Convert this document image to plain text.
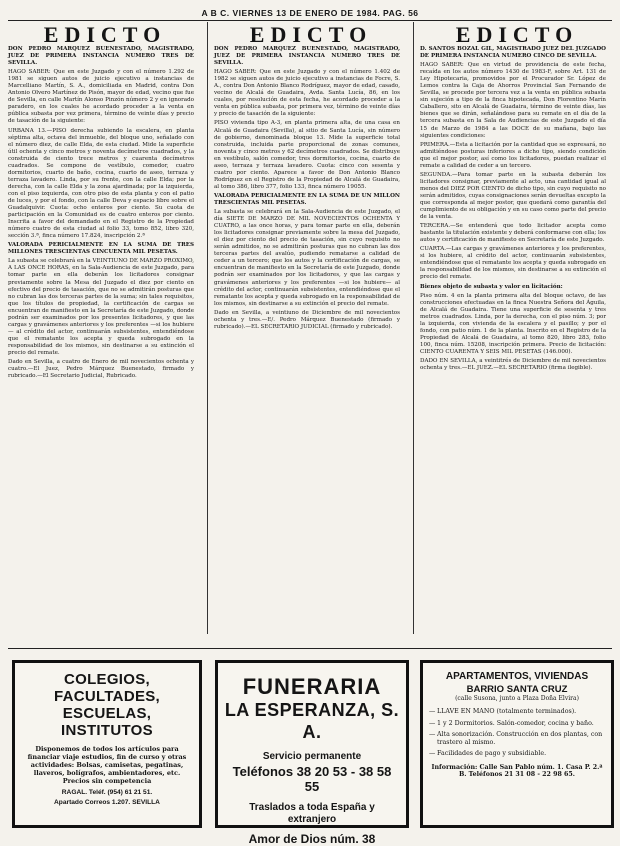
A B C. VIERNES 13 DE ENERO DE 1984. PAG. 56
EDICTO	EDICTO	EDICTO

DON PEDRO MARQUEZ BUENESTADO, MAGISTRADO, JUEZ DE PRIMERA INSTANCIA NUMERO TRES DE SEVILLA.

HAGO SABER: Que en este Juzgado y con el número 1.292 de 1981 se siguen autos de juicio ejecutivo a instancias de Marcelliano Martín, S. A., domiciliada en Madrid, contra Don Antonio Olvero Martínez de Pisón, mayor de edad, vecino que fue de Sevilla, en calle Martín Alonso Pinzón número 2 y en ignorado paradero, en los cuales he acordado proceder a la venta en pública subasta por vez primera, término de veinte días y precio de tasación de la siguiente:

URBANA 13.—PISO derecha subiendo la escalera, en planta séptima alta, octava del inmueble, del bloque uno, señalado con el número diez, de calle Elda, de esta ciudad. Mide la superficie útil ochenta y cinco metros y noventa decímetros cuadrados, y la construida de ciento trece metros y cuarenta decímetros cuadrados. Se compone de vestíbulo, comedor, cuatro dormitorios, cuarto de baño, cocina, cuarto de aseo, terraza y terraza lavadero. Linda, por su frente, con la calle Elda; por la derecha, con la calle Elda y la zona ajardinada; por la izquierda, con el piso izquierda, con otro piso de esta planta y con el patio de luces, y por el fondo, con la calle Deva y espacio libre sobre el Guadalquivir. Cuota: ocho enteros por ciento. Su cuota de participación en la Comunidad es de cuatro enteros por ciento. Inscrita a favor del demandado en el Registro de la Propiedad número cuatro de esta ciudad al folio 33, tomo 852, libro 320, sección 3.ª, finca número 17.824, inscripción 2.ª

VALORADA PERICIALMENTE EN LA SUMA DE TRES MILLONES TRESCIENTAS CINCUENTA MIL PESETAS.

La subasta se celebrará en la VEINTIUNO DE MARZO PROXIMO, A LAS ONCE HORAS, en la Sala-Audiencia de este Juzgado, para tomar parte en ella deberán los licitadores consignar previamente sobre la Mesa del Juzgado el diez por ciento en efectivo del precio de tasación, que no se admitirán posturas que no cubran las dos terceras partes de la suma; sin tales requisitos, que los títulos de propiedad, la certificación de cargas se encuentran de manifiesto en la Secretaría de este Juzgado, donde podrán ser examinados por los presentes licitadores, y que las cargas y gravámenes anteriores y los preferentes —si los hubiere— al crédito del actor, continuarán subsistentes, entendiéndose que el rematante los acepta y queda subrogado en la responsabilidad de los mismos, sin destinarse a su extinción el precio del remate.

Dado en Sevilla, a cuatro de Enero de mil novecientos ochenta y cuatro.—El Juez, Pedro Márquez Buenestado, firmado y rubricado.—El Secretario Judicial, Rubricado.

DON PEDRO MARQUEZ BUENESTADO, MAGISTRADO, JUEZ DE PRIMERA INSTANCIA NUMERO TRES DE SEVILLA.

HAGO SABER: Que en este Juzgado y con el número 1.402 de 1982 se siguen autos de juicio ejecutivo a instancias de Focre, S. A., contra Don Antonio Blanco Rodríguez, mayor de edad, casado, vecino de Alcalá de Guadaira, Avda. Santa Lucía, 86, en los cuales, por resolución de esta fecha, he acordado proceder a la venta en pública subasta, por primera vez, término de veinte días y precio de tasación de la siguiente:

PISO vivienda tipo A-3, en planta primera alta, de una casa en Alcalá de Guadaira (Sevilla), al sitio de Santa Lucía, sin número de gobierno, denominada bloque 13. Mide la superficie total construida, incluida parte proporcional de zonas comunes, noventa y cinco metros y 62 decímetros cuadrados. Se distribuye en vestíbulo, salón comedor, tres dormitorios, cocina, cuarto de aseo, terraza y terraza lavadero. Cuota: cinco con sesenta y cuatro por ciento. Aparece a favor de Don Antonio Blanco Rodríguez en el Registro de la Propiedad de Alcalá de Guadaira, al tomo 386, libro 377, folio 133, finca número 19055.

VALORADA PERICIALMENTE EN LA SUMA DE UN MILLON TRESCIENTAS MIL PESETAS.

La subasta se celebrará en la Sala-Audiencia de este Juzgado, el día SIETE DE MARZO DE MIL NOVECIENTOS OCHENTA Y CUATRO, a las once horas, y para tomar parte en ella, deberán los licitadores consignar previamente sobre la mesa del Juzgado, el diez por ciento del precio de tasación, sin cuyo requisito no serán admitidos, no se admitirán posturas que no cubran las dos terceras partes del avalúo, pudiendo rematarse a calidad de ceder a un tercero; que los autos y la certificación de cargas, se encuentran de manifiesto en la Secretaría de este Juzgado, donde podrán ser examinados por los licitadores, y que las cargas y gravámenes anteriores y los preferentes —si los hubiere— al crédito del actor, continuarán subsistentes, entendiéndose que el rematante los acepta y queda subrogado en la responsabilidad de los mismos, sin destinarse a su extinción el precio del remate.

Dado en Sevilla, a veintiuno de Diciembre de mil novecientos ochenta y tres.—E/. Pedro Márquez Buenestado (firmado y rubricado).—EL SECRETARIO JUDICIAL (firmado y rubricado).

D. SANTOS BOZAL GIL, MAGISTRADO JUEZ DEL JUZGADO DE PRIMERA INSTANCIA NUMERO CINCO DE SEVILLA.

HAGO SABER: Que en virtud de providencia de este fecha, recaída en los autos número 1430 de 1983-F, sobre Art. 131 de Ley Hipotecaria, promovidos por el Procurador Sr. López de Lemos contra la Caja de Ahorros Provincial San Fernando de Sevilla, se procede por tercera vez a la venta en pública subasta sin sujeción a tipo de la finca hipotecada, Don Florentino Marín Caballero, sito en Alcalá de Guadaira, término de veinte días, las bienes que se dirán, señalándose para su remate en el día de la tercera subasta en la Sala de Audiencias de este Juzgado el día 15 de Marzo de 1984 a las DOCE de su mañana, bajo las siguientes condiciones:

PRIMERA.—Esta a licitación por la cantidad que se expresará, no admitiéndose posturas inferiores a dicho tipo, siendo condición que el mejor postor, así como los licitadores, puedan realizar el remate a calidad de ceder a un tercero.

SEGUNDA.—Para tomar parte en la subasta deberán los licitadores consignar, previamente al acto, una cantidad igual al menos del DIEZ POR CIENTO de dicho tipo, sin cuyo requisito no serán admitidos, cuyas consignaciones serán devueltas excepto la que corresponda al mejor postor, que quedará como garantía del cumplimiento de su obligación y en su caso como parte del precio de la venta.

TERCERA.—Se entenderá que todo licitador acepta como bastante la titulación existente y deberá conformarse con ella; los autos y certificación de manifiesto en Secretaría de este Juzgado.

CUARTA.—Las cargas y gravámenes anteriores y los preferentes, si los hubiere, al crédito del actor, continuarán subsistentes, entendiéndose que el rematante los acepta y queda subrogado en la responsabilidad de los mismos, sin destinarse a su extinción el precio del remate.

Bienes objeto de subasta y valor en licitación:

Piso núm. 4 en la planta primera alta del bloque octavo, de las construcciones efectuadas en la finca Nuestra Señora del Águila, de Alcalá de Guadaira. Tiene una superficie de sesenta y tres metros cuadrados. Linda, por la derecha, con el piso núm. 3; por la izquierda, con vivienda de la escalera y el pasillo; y por el fondo, con patio núm. 1 de la planta. Inscrito en el Registro de la Propiedad de Alcalá de Guadaira, al tomo 820, libro 283, folio 100, finca núm. 15208, inscripción primera. Precio de licitación: CIENTO CUARENTA Y SEIS MIL PESETAS (146.000).

DADO EN SEVILLA, a veintitrés de Diciembre de mil novecientos ochenta y tres.—EL JUEZ.—EL SECRETARIO (firma ilegible).

COLEGIOS, FACULTADES,
ESCUELAS, INSTITUTOS
Disponemos de todos los artículos para financiar viaje estudios, fin de curso y otras actividades: Bolsas, camisetas, pegatinas, llaveros, bolígrafos, ambientadores, etc. Precios sin competencia
RAGAL. Teléf. (954) 61 21 51.
Apartado Correos 1.207. SEVILLA
FUNERARIA
LA ESPERANZA, S. A.
Servicio permanente
Teléfonos 38 20 53 - 38 58 55
Traslados a toda España y extranjero
Amor de Dios núm. 38
APARTAMENTOS, VIVIENDAS
BARRIO SANTA CRUZ
(calle Susona, junto a Plaza Doña Elvira)
— LLAVE EN MANO (totalmente terminados).
— 1 y 2 Dormitorios. Salón-comedor, cocina y baño.
— Alta sonorización. Construcción en dos plantas, con trastero al mismo.
— Facilidades de pago y subsidiable.
Información: Calle San Pablo núm. 1. Casa P. 2.ª B. Teléfonos 21 31 08 - 22 98 65.
